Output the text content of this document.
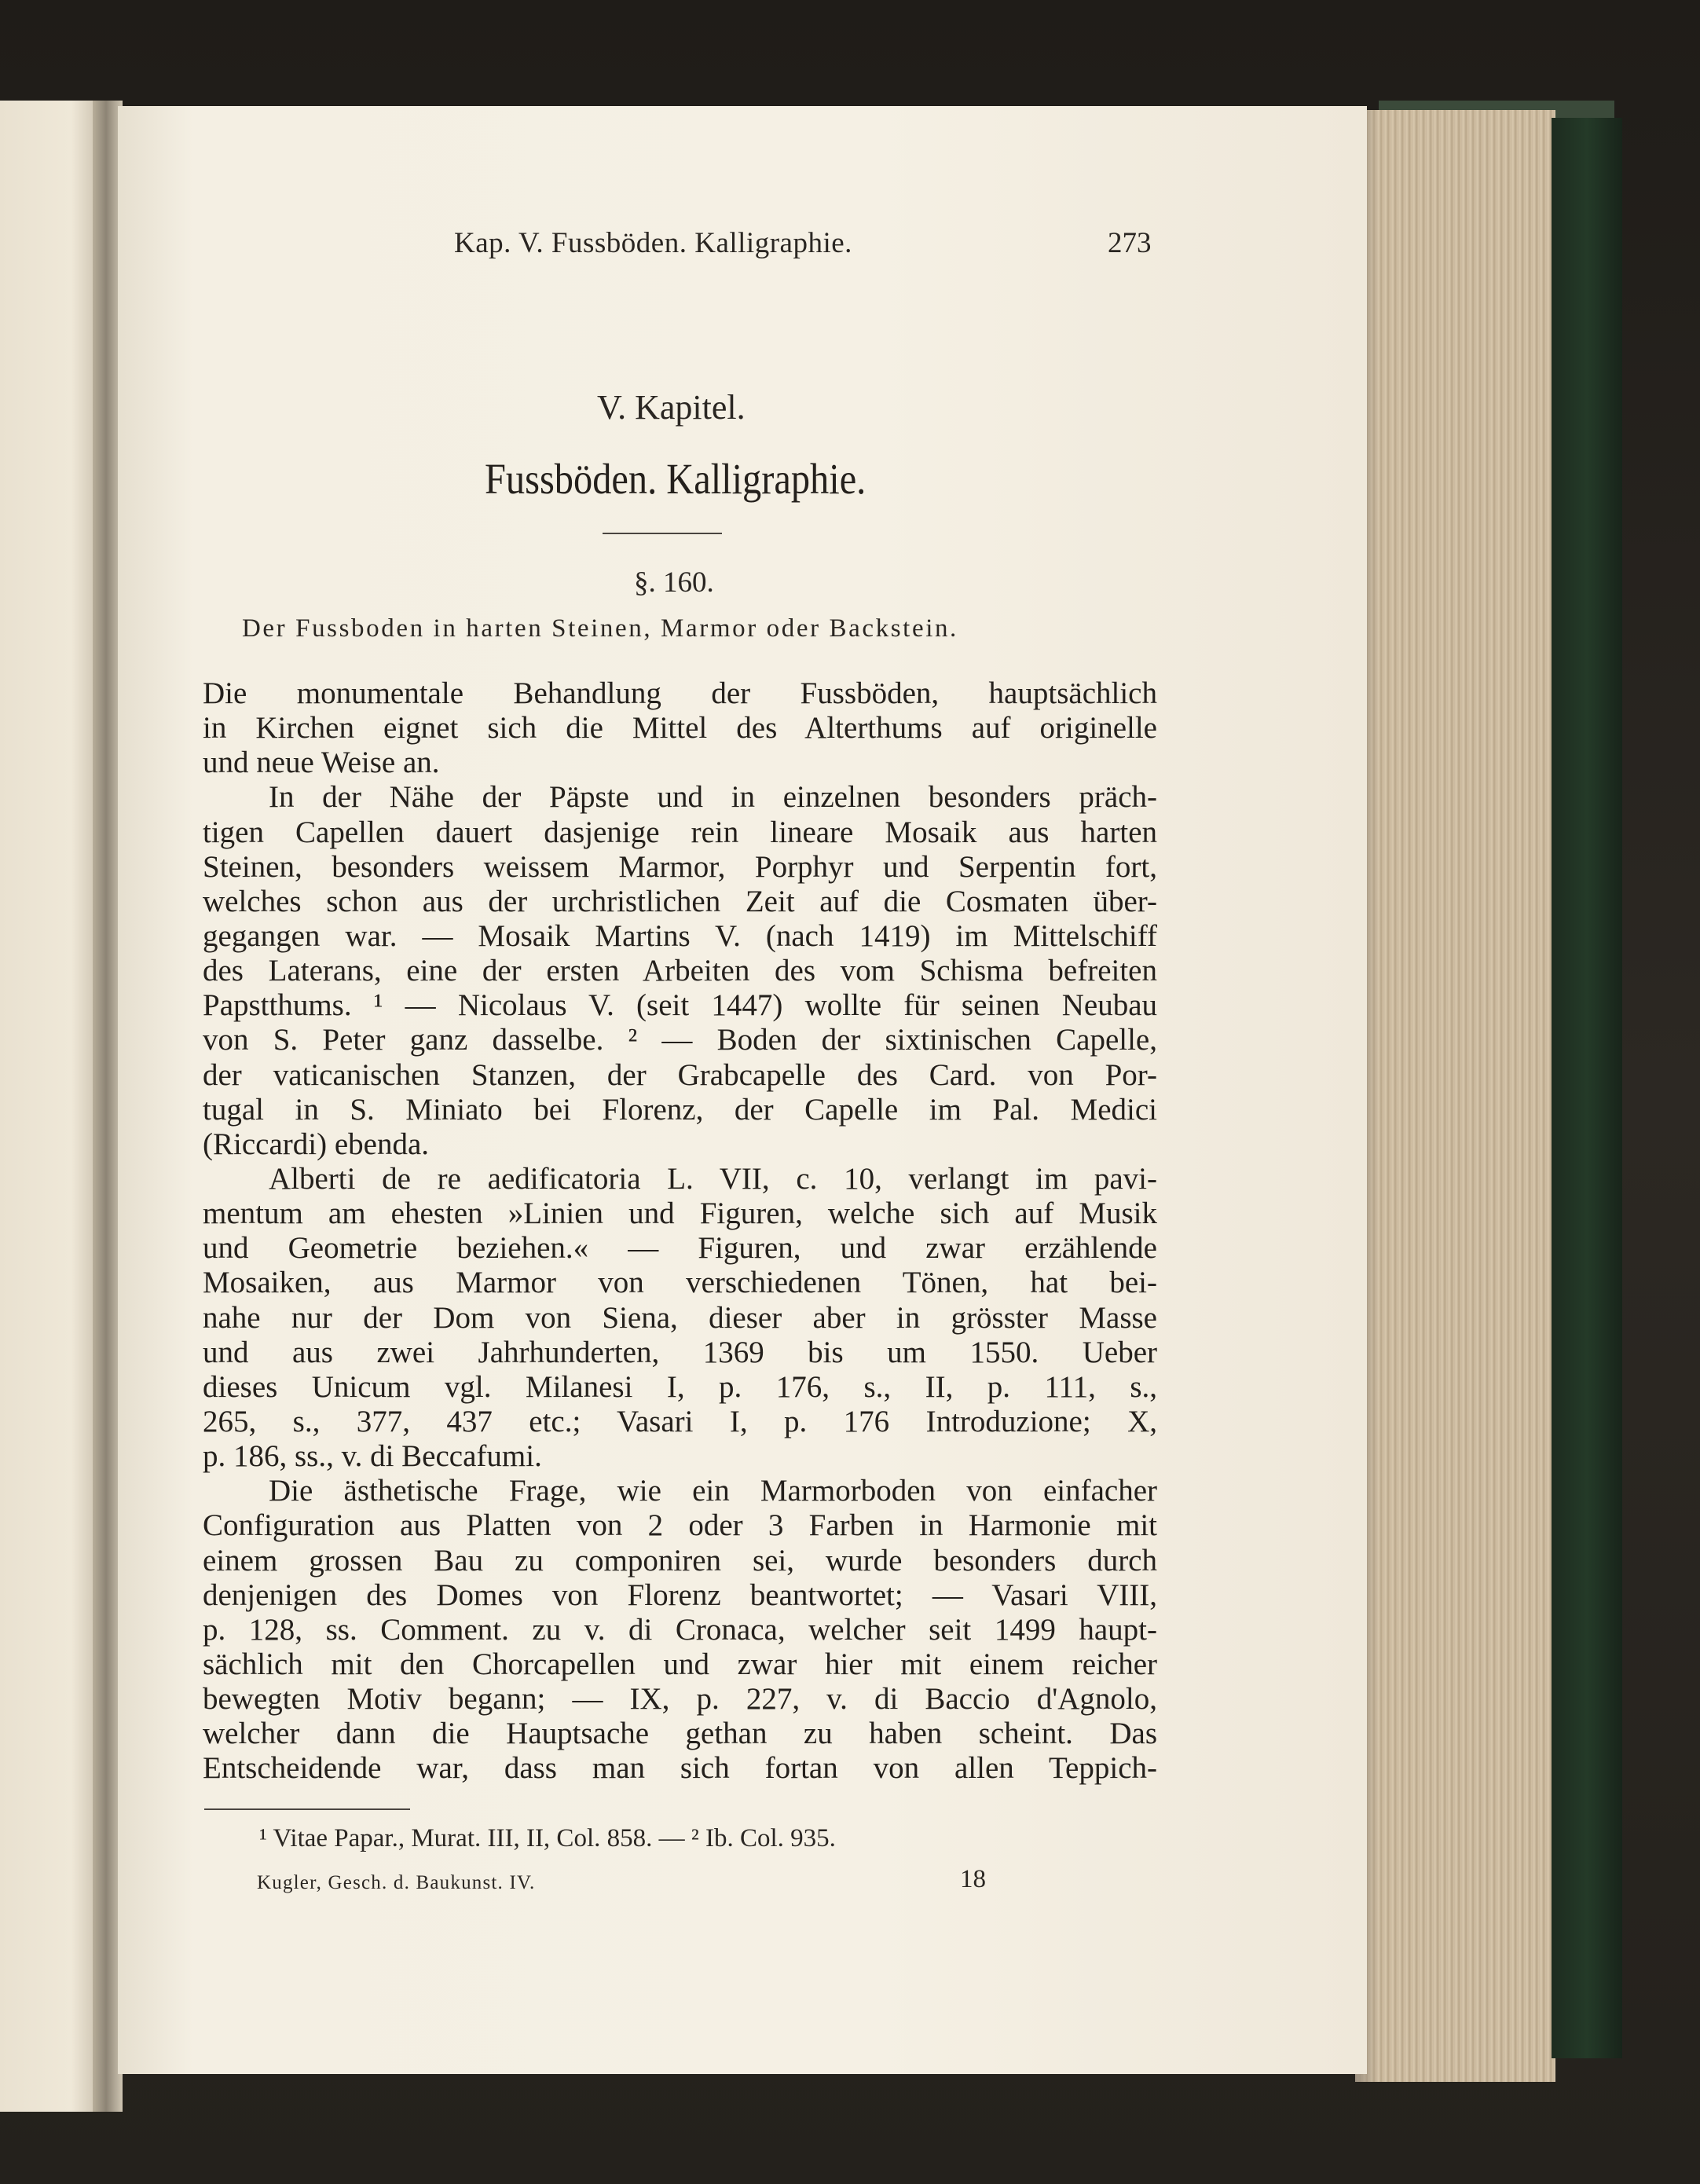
Kap. V. Fussböden. Kalligraphie.	273
V. Kapitel.
Fussböden. Kalligraphie.
§. 160.
Der Fussboden in harten Steinen, Marmor oder Backstein.
Die monumentale Behandlung der Fussböden, hauptsächlich
in Kirchen eignet sich die Mittel des Alterthums auf originelle
und neue Weise an.
In der Nähe der Päpste und in einzelnen besonders präch-
tigen Capellen dauert dasjenige rein lineare Mosaik aus harten
Steinen, besonders weissem Marmor, Porphyr und Serpentin fort,
welches schon aus der urchristlichen Zeit auf die Cosmaten über-
gegangen war. — Mosaik Martins V. (nach 1419) im Mittelschiff
des Laterans, eine der ersten Arbeiten des vom Schisma befreiten
Papstthums. ¹ — Nicolaus V. (seit 1447) wollte für seinen Neubau
von S. Peter ganz dasselbe. ² — Boden der sixtinischen Capelle,
der vaticanischen Stanzen, der Grabcapelle des Card. von Por-
tugal in S. Miniato bei Florenz, der Capelle im Pal. Medici
(Riccardi) ebenda.
Alberti de re aedificatoria L. VII, c. 10, verlangt im pavi-
mentum am ehesten »Linien und Figuren, welche sich auf Musik
und Geometrie beziehen.« — Figuren, und zwar erzählende
Mosaiken, aus Marmor von verschiedenen Tönen, hat bei-
nahe nur der Dom von Siena, dieser aber in grösster Masse
und aus zwei Jahrhunderten, 1369 bis um 1550. Ueber
dieses Unicum vgl. Milanesi I, p. 176, s., II, p. 111, s.,
265, s., 377, 437 etc.; Vasari I, p. 176 Introduzione; X,
p. 186, ss., v. di Beccafumi.
Die ästhetische Frage, wie ein Marmorboden von einfacher
Configuration aus Platten von 2 oder 3 Farben in Harmonie mit
einem grossen Bau zu componiren sei, wurde besonders durch
denjenigen des Domes von Florenz beantwortet; — Vasari VIII,
p. 128, ss. Comment. zu v. di Cronaca, welcher seit 1499 haupt-
sächlich mit den Chorcapellen und zwar hier mit einem reicher
bewegten Motiv begann; — IX, p. 227, v. di Baccio d'Agnolo,
welcher dann die Hauptsache gethan zu haben scheint. Das
Entscheidende war, dass man sich fortan von allen Teppich-
¹ Vitae Papar., Murat. III, II, Col. 858. — ² Ib. Col. 935.
Kugler, Gesch. d. Baukunst. IV.	18
